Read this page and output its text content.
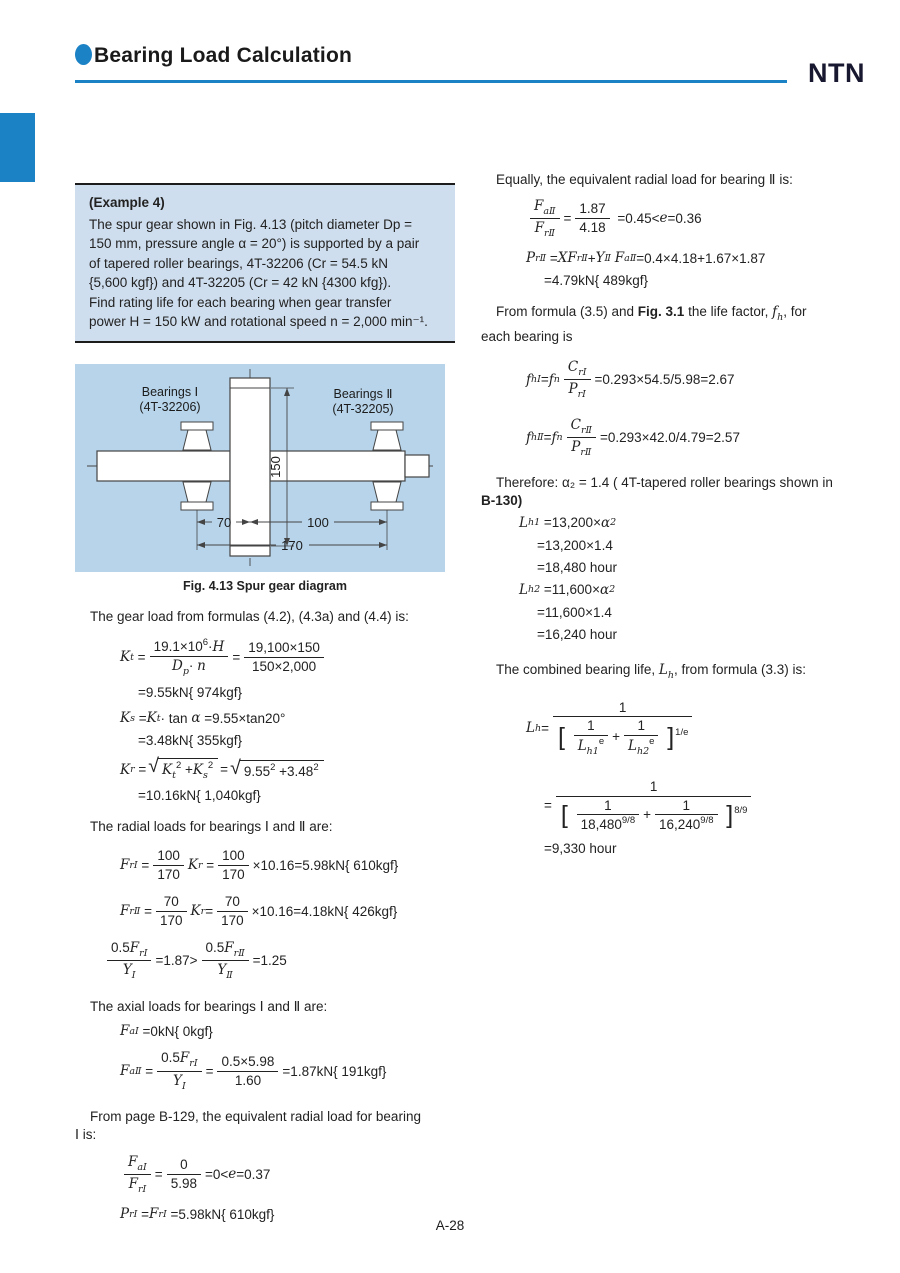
Bearing Load Calculation
NTN

(Example 4)

The spur gear shown in Fig. 4.13 (pitch diameter Dp =

150 mm, pressure angle α = 20°) is supported by a pair

of tapered roller bearings, 4T-32206 (Cr = 54.5 kN

{5,600 kgf}) and 4T-32205 (Cr = 42 kN {4300 kfg}).

Find rating life for each bearing when gear transfer

power H = 150 kW and rotational speed n = 2,000 min⁻¹.

150
70	100
170
Bearings Ⅰ
(4T-32206)
Bearings Ⅱ
(4T-32205)
Fig. 4.13 Spur gear diagram

The gear load from formulas (4.2), (4.3a) and (4.4) is:

K $t = \frac{19.1\times 10^6\cdot H}{D_p\cdot n} = \frac{19,100\times 150}{150\times 2,000}$
=9.55kN{ 974kgf}
K s = K t · tan α =9.55×tan20°
=3.48kN{ 355kgf}
K r = √ $K_t^2 +K_s^2$ = √ $9.55^2 +3.48^2$
=10.16kN{ 1,040kgf}

The radial loads for bearings Ⅰ and Ⅱ are:

F rⅠ = $\frac{100}{170}$ K $r = \frac{100}{170} \times 10.16=5.98kN${ 610kgf}
F rⅡ = $\frac{70}{170}$ K $r = \frac{70}{170} \times 10.16=4.18kN${ 426kgf}
$\frac{0.5F_{rⅠ}}{Y_Ⅰ} =1.87> \frac{0.5F_{rⅡ}}{Y_Ⅱ} =1.25$

The axial loads for bearings Ⅰ and Ⅱ are:

F aⅠ =0kN{ 0kgf}
F aⅡ = $\frac{0.5F_{rⅠ}}{Y_Ⅰ} = \frac{0.5\times 5.98}{1.60} =1.87kN${ 191kgf}

From page B-129, the equivalent radial load for bearing

Ⅰ is:

$\frac{F_{aⅠ}}{F_{rⅠ}} = \frac{0}{5.98} =0< e =0.37$
P rⅠ = F rⅠ =5.98kN{ 610kgf}

Equally, the equivalent radial load for bearing Ⅱ is:

$\frac{F_{aⅡ}}{F_{rⅡ}} = \frac{1.87}{4.18} =0.45< e =0.36$
P rⅡ = X F rⅡ + Y Ⅱ
F aⅡ =0.4×4.18+1.67×1.87
=4.79kN{ 489kgf}

From formula (3.5) and Fig. 3.1 the life factor, $f_h$, for

each bearing is

f hⅠ = f n $\frac{C_{rⅠ}}{P_{rⅠ}} =0.293\times 54.5/5.98=2.67$
f hⅡ = f n $\frac{C_{rⅡ}}{P_{rⅡ}} =0.293\times 42.0/4.79=2.57$

Therefore: α₂ = 1.4 ( 4T-tapered roller bearings shown in

B-130)

L h1 =13,200× α 2
=13,200×1.4
=18,480 hour
L h2 =11,600× α 2
=11,600×1.4
=16,240 hour

The combined bearing life, $L_h$, from formula (3.3) is:

L $h = \frac{1}{[ \frac{1}{L_{h1}^e} + \frac{1}{L_{h2}^e} ]^{1/e}}$
= $\frac{1}{[ \frac{1}{18,480^{9/8}} + \frac{1}{16,240^{9/8}} ]^{8/9}}$
=9,330 hour
A-28
